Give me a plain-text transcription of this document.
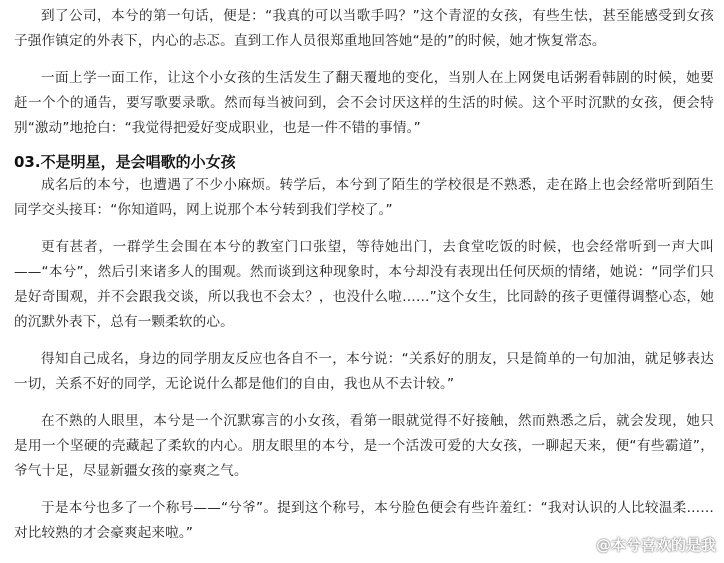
到了公司，本兮的第一句话，便是：“我真的可以当歌手吗？”这个青涩的女孩，有些生怯，甚至能感受到女孩子强作镇定的外表下，内心的忐忑。直到工作人员很郑重地回答她“是的”的时候，她才恢复常态。

一面上学一面工作，让这个小女孩的生活发生了翻天覆地的变化，当别人在上网煲电话粥看韩剧的时候，她要赶一个个的通告，要写歌要录歌。然而每当被问到，会不会讨厌这样的生活的时候。这个平时沉默的女孩，便会特别“激动”地抢白：“我觉得把爱好变成职业，也是一件不错的事情。”

03.不是明星，是会唱歌的小女孩

成名后的本兮，也遭遇了不少小麻烦。转学后，本兮到了陌生的学校很是不熟悉，走在路上也会经常听到陌生同学交头接耳：“你知道吗，网上说那个本兮转到我们学校了。”

更有甚者，一群学生会围在本兮的教室门口张望，等待她出门，去食堂吃饭的时候，也会经常听到一声大叫——“本兮”，然后引来诸多人的围观。然而谈到这种现象时，本兮却没有表现出任何厌烦的情绪，她说：“同学们只是好奇围观，并不会跟我交谈，所以我也不会太？，也没什么啦……”这个女生，比同龄的孩子更懂得调整心态，她的沉默外表下，总有一颗柔软的心。

得知自己成名，身边的同学朋友反应也各自不一，本兮说：“关系好的朋友，只是简单的一句加油，就足够表达一切，关系不好的同学，无论说什么都是他们的自由，我也从不去计较。”

在不熟的人眼里，本兮是一个沉默寡言的小女孩，看第一眼就觉得不好接触，然而熟悉之后，就会发现，她只是用一个坚硬的壳藏起了柔软的内心。朋友眼里的本兮，是一个活泼可爱的大女孩，一聊起天来，便“有些霸道”，爷气十足，尽显新疆女孩的豪爽之气。

于是本兮也多了一个称号——“兮爷”。提到这个称号，本兮脸色便会有些许羞红：“我对认识的人比较温柔……对比较熟的才会豪爽起来啦。”

@本兮喜欢的是我
